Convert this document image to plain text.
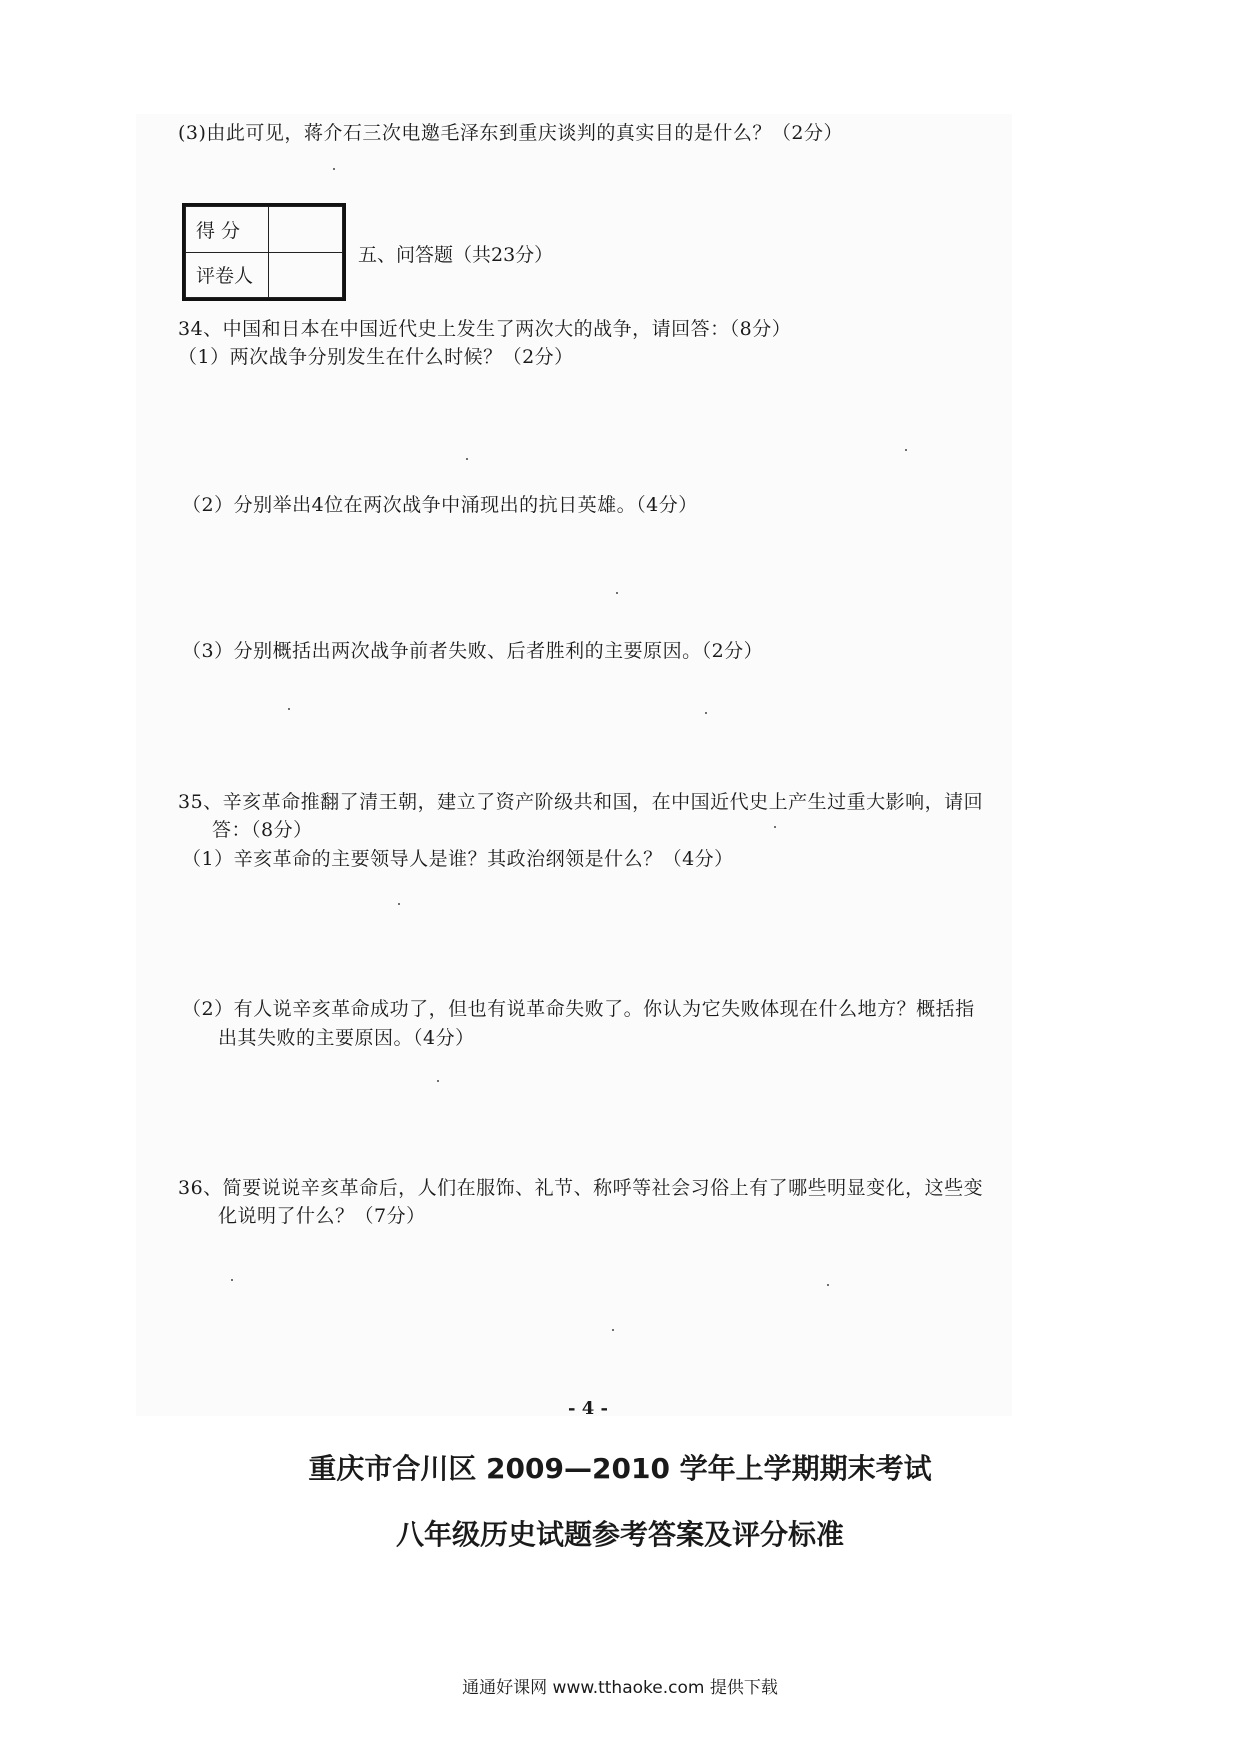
(3)由此可见，蒋介石三次电邀毛泽东到重庆谈判的真实目的是什么？（2分）
得分	
评卷人	
五、问答题（共23分）
34、中国和日本在中国近代史上发生了两次大的战争，请回答：（8分）
（1）两次战争分别发生在什么时候？（2分）
（2）分别举出4位在两次战争中涌现出的抗日英雄。（4分）
（3）分别概括出两次战争前者失败、后者胜利的主要原因。（2分）
35、辛亥革命推翻了清王朝，建立了资产阶级共和国，在中国近代史上产生过重大影响，请回
答：（8分）
（1）辛亥革命的主要领导人是谁？其政治纲领是什么？（4分）
（2）有人说辛亥革命成功了，但也有说革命失败了。你认为它失败体现在什么地方？概括指
出其失败的主要原因。（4分）
36、简要说说辛亥革命后，人们在服饰、礼节、称呼等社会习俗上有了哪些明显变化，这些变
化说明了什么？（7分）
- 4 -
重庆市合川区 2009—2010 学年上学期期末考试
八年级历史试题参考答案及评分标准
通通好课网 www.tthaoke.com 提供下载
